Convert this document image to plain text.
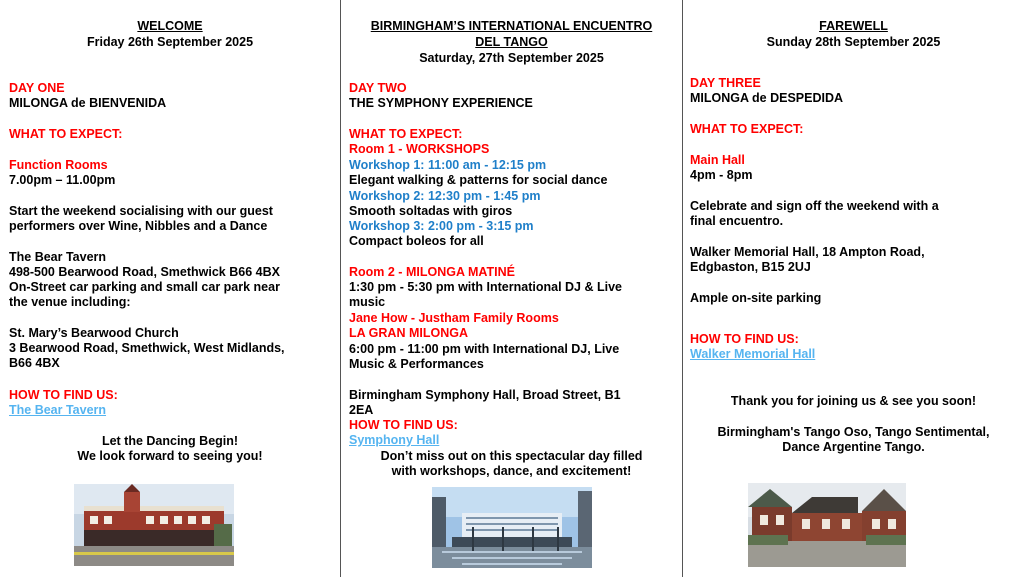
WELCOME
Friday 26th September 2025
DAY ONE
MILONGA de BIENVENIDA
WHAT TO EXPECT:
Function Rooms
7.00pm – 11.00pm
Start the weekend socialising with our guest
performers over Wine, Nibbles and a Dance
The Bear Tavern
498-500 Bearwood Road, Smethwick B66 4BX
On-Street car parking and small car park near
the venue including:
St. Mary’s Bearwood Church
3 Bearwood Road, Smethwick, West Midlands,
B66 4BX
HOW TO FIND US:
The Bear Tavern
Let the Dancing Begin!
We look forward to seeing you!
BIRMINGHAM’S INTERNATIONAL ENCUENTRO
DEL TANGO
Saturday, 27th September 2025
DAY TWO
THE SYMPHONY EXPERIENCE
WHAT TO EXPECT:
Room 1 - WORKSHOPS
Workshop 1: 11:00 am - 12:15 pm
Elegant walking & patterns for social dance
Workshop 2: 12:30 pm - 1:45 pm
Smooth soltadas with giros
Workshop 3: 2:00 pm - 3:15 pm
Compact boleos for all
Room 2 - MILONGA MATINÉ
1:30 pm - 5:30 pm with International DJ & Live
music
Jane How - Justham Family Rooms
LA GRAN MILONGA
6:00 pm - 11:00 pm with International DJ, Live
Music & Performances
Birmingham Symphony Hall, Broad Street, B1
2EA
HOW TO FIND US:
Symphony Hall
Don’t miss out on this spectacular day filled
with workshops, dance, and excitement!
FAREWELL
Sunday 28th September 2025
DAY THREE
MILONGA de DESPEDIDA
WHAT TO EXPECT:
Main Hall
4pm - 8pm
Celebrate and sign off the weekend with a
final encuentro.
Walker Memorial Hall, 18 Ampton Road,
Edgbaston, B15 2UJ
Ample on-site parking
HOW TO FIND US:
Walker Memorial Hall
Thank you for joining us & see you soon!
Birmingham's Tango Oso, Tango Sentimental,
Dance Argentine Tango.
